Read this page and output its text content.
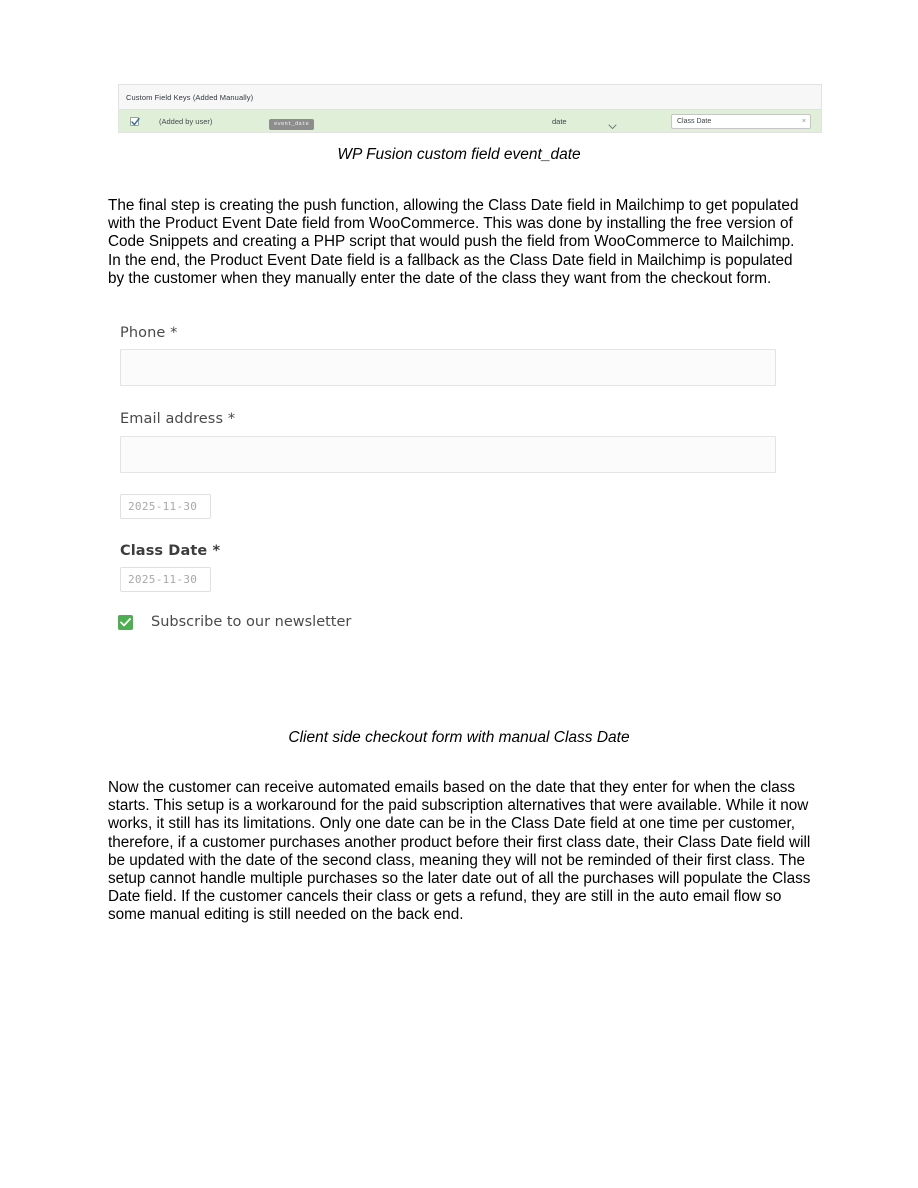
Custom Field Keys (Added Manually)
(Added by user)	event_date	date	Class Date	×
WP Fusion custom field event_date

The final step is creating the push function, allowing the Class Date field in Mailchimp to get populated with the Product Event Date field from WooCommerce. This was done by installing the free version of Code Snippets and creating a PHP script that would push the field from WooCommerce to Mailchimp. In the end, the Product Event Date field is a fallback as the Class Date field in Mailchimp is populated by the customer when they manually enter the date of the class they want from the checkout form.

Phone *
Email address *
2025-11-30
Class Date *
2025-11-30
Subscribe to our newsletter
Client side checkout form with manual Class Date

Now the customer can receive automated emails based on the date that they enter for when the class starts. This setup is a workaround for the paid subscription alternatives that were available. While it now works, it still has its limitations. Only one date can be in the Class Date field at one time per customer, therefore, if a customer purchases another product before their first class date, their Class Date field will be updated with the date of the second class, meaning they will not be reminded of their first class. The setup cannot handle multiple purchases so the later date out of all the purchases will populate the Class Date field. If the customer cancels their class or gets a refund, they are still in the auto email flow so some manual editing is still needed on the back end.
